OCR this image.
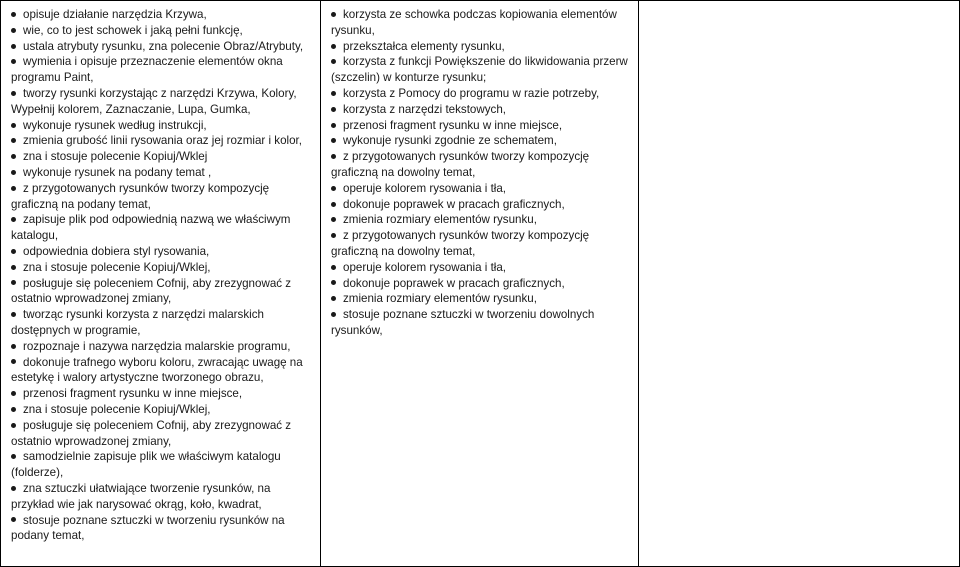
opisuje działanie narzędzia Krzywa,
wie, co to jest schowek i jaką pełni funkcję,
ustala atrybuty rysunku, zna polecenie Obraz/Atrybuty,
wymienia i opisuje przeznaczenie elementów okna programu Paint,
tworzy rysunki korzystając z narzędzi Krzywa, Kolory, Wypełnij kolorem, Zaznaczanie, Lupa, Gumka,
wykonuje rysunek według instrukcji,
zmienia grubość linii rysowania oraz jej rozmiar i kolor,
zna i stosuje polecenie Kopiuj/Wklej
wykonuje rysunek na podany temat ,
z przygotowanych rysunków tworzy kompozycję graficzną na podany temat,
zapisuje plik pod odpowiednią nazwą we właściwym katalogu,
odpowiednia dobiera styl rysowania,
zna i stosuje polecenie Kopiuj/Wklej,
posługuje się poleceniem Cofnij, aby zrezygnować z ostatnio wprowadzonej zmiany,
tworząc rysunki korzysta z narzędzi malarskich dostępnych w programie,
rozpoznaje i nazywa narzędzia malarskie programu,
dokonuje trafnego wyboru koloru, zwracając uwagę na estetykę i walory artystyczne tworzonego obrazu,
przenosi fragment rysunku w inne miejsce,
zna i stosuje polecenie Kopiuj/Wklej,
posługuje się poleceniem Cofnij, aby zrezygnować z ostatnio wprowadzonej zmiany,
samodzielnie zapisuje plik we właściwym katalogu (folderze),
zna sztuczki ułatwiające tworzenie rysunków, na przykład wie jak narysować okrąg, koło, kwadrat,
stosuje poznane sztuczki w tworzeniu rysunków na podany temat,
korzysta ze schowka podczas kopiowania elementów rysunku,
przekształca elementy rysunku,
korzysta z funkcji Powiększenie do likwidowania przerw (szczelin) w konturze rysunku;
korzysta z Pomocy do programu w razie potrzeby,
korzysta z narzędzi tekstowych,
przenosi fragment rysunku w inne miejsce,
wykonuje rysunki zgodnie ze schematem,
z przygotowanych rysunków tworzy kompozycję graficzną na dowolny temat,
operuje kolorem rysowania i tła,
dokonuje poprawek w pracach graficznych,
zmienia rozmiary elementów rysunku,
z przygotowanych rysunków tworzy kompozycję graficzną na dowolny temat,
operuje kolorem rysowania i tła,
dokonuje poprawek w pracach graficznych,
zmienia rozmiary elementów rysunku,
stosuje poznane sztuczki w tworzeniu dowolnych rysunków,
